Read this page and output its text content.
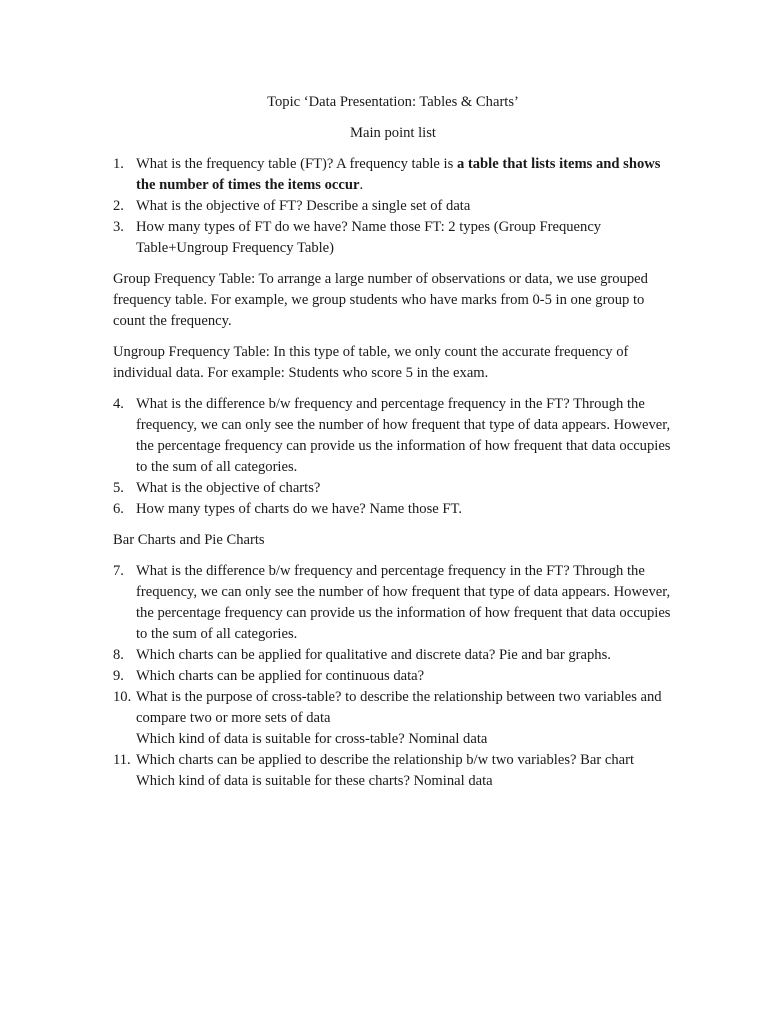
Topic ‘Data Presentation: Tables & Charts’

Main point list

1. What is the frequency table (FT)? A frequency table is a table that lists items and shows the number of times the items occur.
2. What is the objective of FT? Describe a single set of data
3. How many types of FT do we have? Name those FT: 2 types (Group Frequency Table+Ungroup Frequency Table)

Group Frequency Table: To arrange a large number of observations or data, we use grouped frequency table. For example, we group students who have marks from 0-5 in one group to count the frequency.

Ungroup Frequency Table: In this type of table, we only count the accurate frequency of individual data. For example: Students who score 5 in the exam.

4. What is the difference b/w frequency and percentage frequency in the FT? Through the frequency, we can only see the number of how frequent that type of data appears. However, the percentage frequency can provide us the information of how frequent that data occupies to the sum of all categories.
5. What is the objective of charts?
6. How many types of charts do we have? Name those FT.

Bar Charts and Pie Charts

7. What is the difference b/w frequency and percentage frequency in the FT? Through the frequency, we can only see the number of how frequent that type of data appears. However, the percentage frequency can provide us the information of how frequent that data occupies to the sum of all categories.
8. Which charts can be applied for qualitative and discrete data? Pie and bar graphs.
9. Which charts can be applied for continuous data?
10. What is the purpose of cross-table? to describe the relationship between two variables and compare two or more sets of data
Which kind of data is suitable for cross-table? Nominal data
11. Which charts can be applied to describe the relationship b/w two variables? Bar chart
Which kind of data is suitable for these charts? Nominal data
